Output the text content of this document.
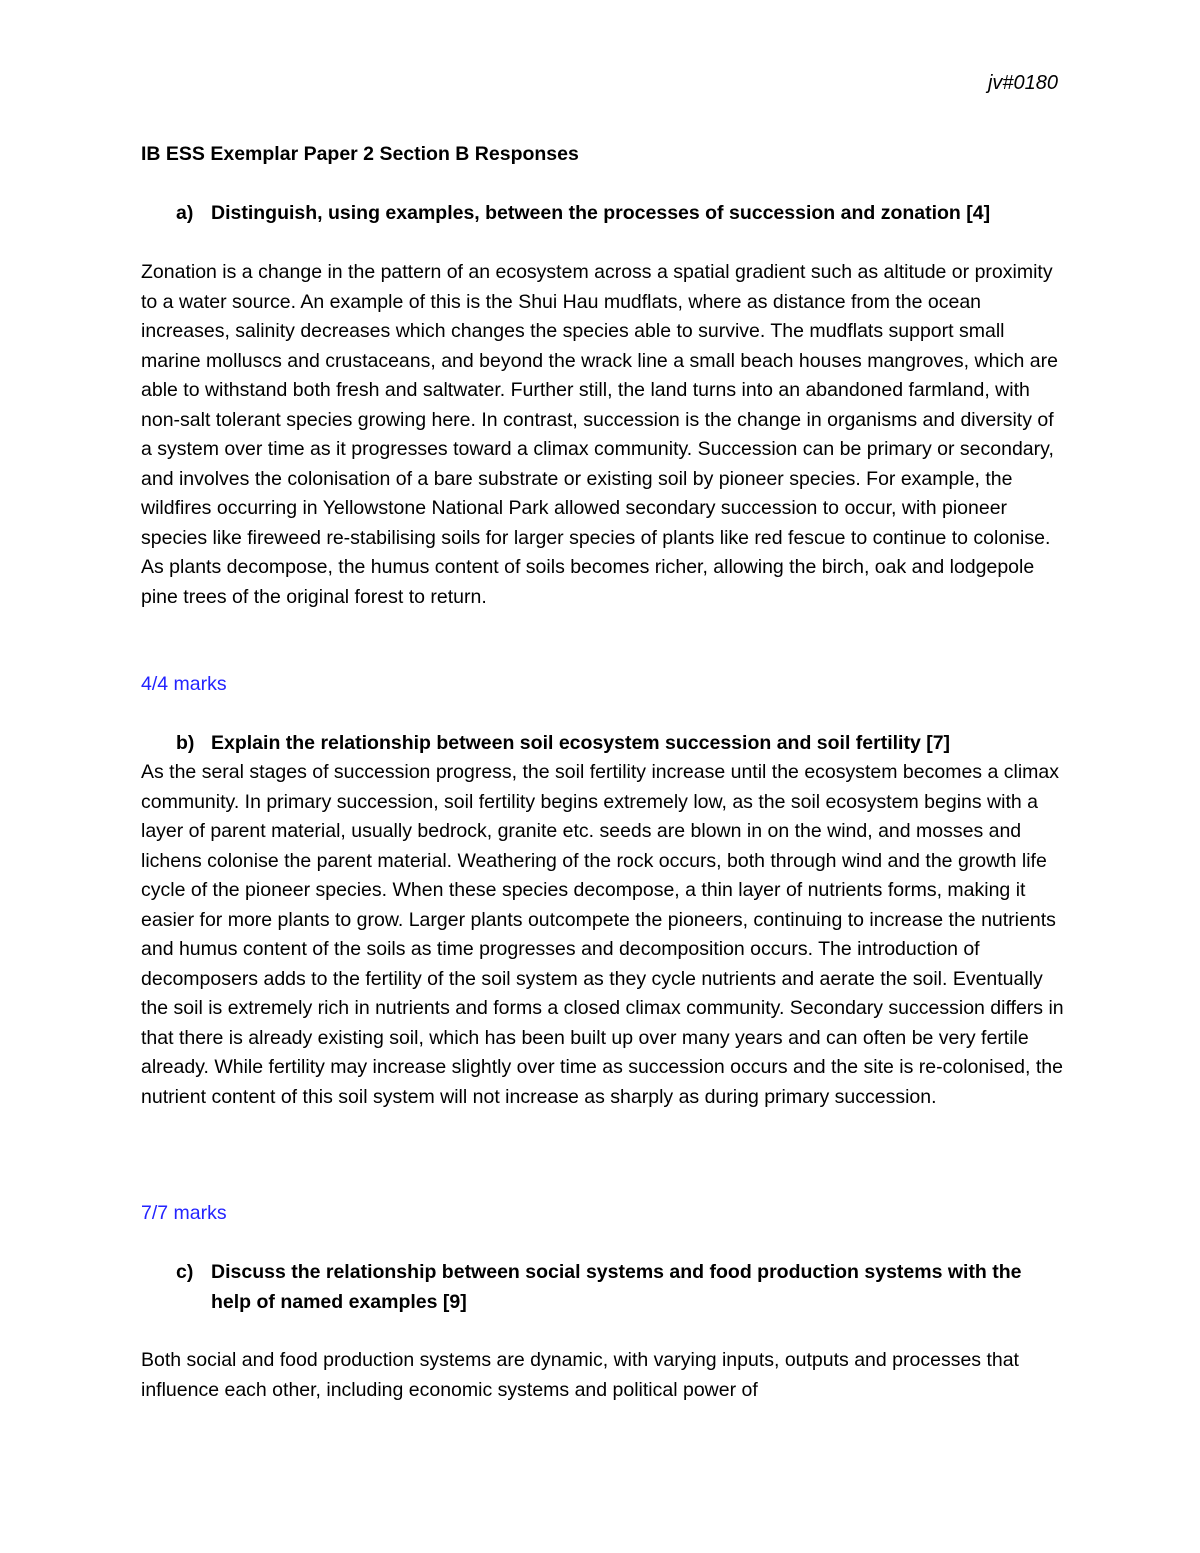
jv#0180
IB ESS Exemplar Paper 2 Section B Responses
a) Distinguish, using examples, between the processes of succession and zonation [4]

Zonation is a change in the pattern of an ecosystem across a spatial gradient such as altitude or proximity to a water source. An example of this is the Shui Hau mudflats, where as distance from the ocean increases, salinity decreases which changes the species able to survive. The mudflats support small marine molluscs and crustaceans, and beyond the wrack line a small beach houses mangroves, which are able to withstand both fresh and saltwater. Further still, the land turns into an abandoned farmland, with non-salt tolerant species growing here. In contrast, succession is the change in organisms and diversity of a system over time as it progresses toward a climax community. Succession can be primary or secondary, and involves the colonisation of a bare substrate or existing soil by pioneer species. For example, the wildfires occurring in Yellowstone National Park allowed secondary succession to occur, with pioneer species like fireweed re-stabilising soils for larger species of plants like red fescue to continue to colonise. As plants decompose, the humus content of soils becomes richer, allowing the birch, oak and lodgepole pine trees of the original forest to return.

4/4 marks

b) Explain the relationship between soil ecosystem succession and soil fertility [7]

As the seral stages of succession progress, the soil fertility increase until the ecosystem becomes a climax community. In primary succession, soil fertility begins extremely low, as the soil ecosystem begins with a layer of parent material, usually bedrock, granite etc. seeds are blown in on the wind, and mosses and lichens colonise the parent material. Weathering of the rock occurs, both through wind and the growth life cycle of the pioneer species. When these species decompose, a thin layer of nutrients forms, making it easier for more plants to grow. Larger plants outcompete the pioneers, continuing to increase the nutrients and humus content of the soils as time progresses and decomposition occurs. The introduction of decomposers adds to the fertility of the soil system as they cycle nutrients and aerate the soil. Eventually the soil is extremely rich in nutrients and forms a closed climax community. Secondary succession differs in that there is already existing soil, which has been built up over many years and can often be very fertile already. While fertility may increase slightly over time as succession occurs and the site is re-colonised, the nutrient content of this soil system will not increase as sharply as during primary succession.

7/7 marks

c) Discuss the relationship between social systems and food production systems with the help of named examples [9]

Both social and food production systems are dynamic, with varying inputs, outputs and processes that influence each other, including economic systems and political power of
